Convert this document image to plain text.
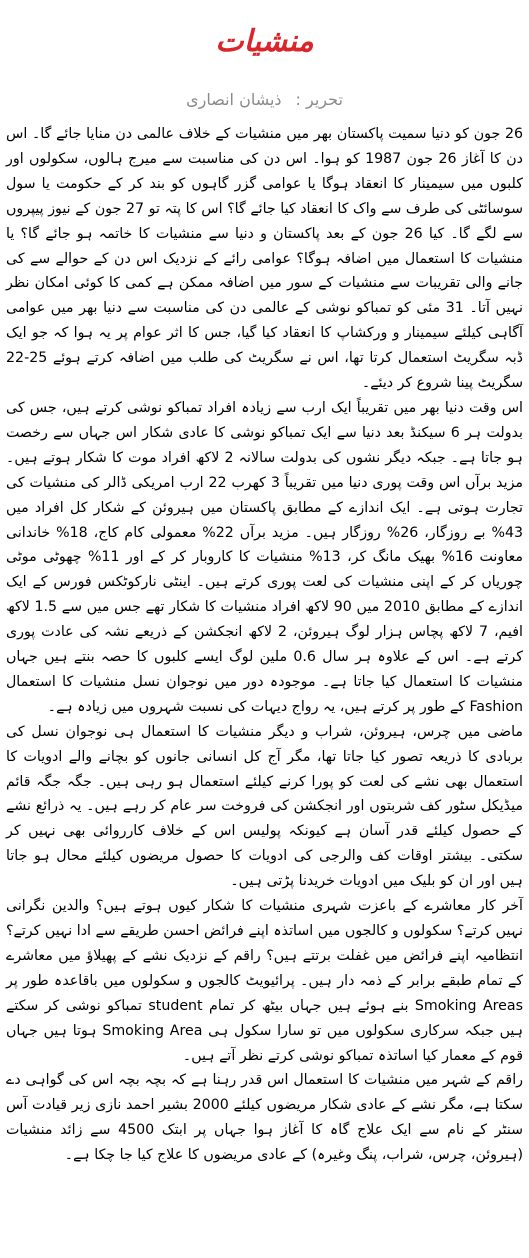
منشیات
تحریر :ذیشان انصاری

26 جون کو دنیا سمیت پاکستان بھر میں منشیات کے خلاف عالمی دن منایا جائے گا۔ اس دن کا آغاز 26 جون 1987 کو ہوا۔ اس دن کی مناسبت سے میرج ہالوں، سکولوں اور کلبوں میں سیمینار کا انعقاد ہوگا یا عوامی گزر گاہوں کو بند کر کے حکومت یا سول سوسائٹی کی طرف سے واک کا انعقاد کیا جائے گا؟ اس کا پتہ تو 27 جون کے نیوز پیپروں سے لگے گا۔ کیا 26 جون کے بعد پاکستان و دنیا سے منشیات کا خاتمہ ہو جائے گا؟ یا منشیات کا استعمال میں اضافہ ہوگا؟ عوامی رائے کے نزدیک اس دن کے حوالے سے کی جانے والی تقریبات سے منشیات کے سور میں اضافہ ممکن ہے کمی کا کوئی امکان نظر نہیں آتا۔ 31 مئی کو تمباکو نوشی کے عالمی دن کی مناسبت سے دنیا بھر میں عوامی آگاہی کیلئے سیمینار و ورکشاپ کا انعقاد کیا گیا، جس کا اثر عوام پر یہ ہوا کہ جو ایک ڈبہ سگریٹ استعمال کرتا تھا، اس نے سگریٹ کی طلب میں اضافہ کرتے ہوئے 25-22 سگریٹ پینا شروع کر دیئے۔

اس وقت دنیا بھر میں تقریباً ایک ارب سے زیادہ افراد تمباکو نوشی کرتے ہیں، جس کی بدولت ہر 6 سیکنڈ بعد دنیا سے ایک تمباکو نوشی کا عادی شکار اس جہاں سے رخصت ہو جاتا ہے۔ جبکہ دیگر نشوں کی بدولت سالانہ 2 لاکھ افراد موت کا شکار ہوتے ہیں۔ مزید برآں اس وقت پوری دنیا میں تقریباً 3 کھرب 22 ارب امریکی ڈالر کی منشیات کی تجارت ہوتی ہے۔ ایک اندازے کے مطابق پاکستان میں ہیروئن کے شکار کل افراد میں 43% بے روزگار، 26% روزگار ہیں۔ مزید برآں 22% معمولی کام کاج، 18% خاندانی معاونت 16% بھیک مانگ کر، 13% منشیات کا کاروبار کر کے اور 11% چھوٹی موٹی چوریاں کر کے اپنی منشیات کی لعت پوری کرتے ہیں۔ اینٹی نارکوٹکس فورس کے ایک اندازے کے مطابق 2010 میں 90 لاکھ افراد منشیات کا شکار تھے جس میں سے 1.5 لاکھ افیم، 7 لاکھ پچاس ہزار لوگ ہیروئن، 2 لاکھ انجکشن کے ذریعے نشہ کی عادت پوری کرتے ہے۔ اس کے علاوہ ہر سال 0.6 ملین لوگ ایسے کلبوں کا حصہ بنتے ہیں جہاں منشیات کا استعمال کیا جاتا ہے۔ موجودہ دور میں نوجوان نسل منشیات کا استعمال Fashion کے طور پر کرتے ہیں، یہ رواج دیہات کی نسبت شہروں میں زیادہ ہے۔

ماضی میں چرس، ہیروئن، شراب و دیگر منشیات کا استعمال ہی نوجوان نسل کی بربادی کا ذریعہ تصور کیا جاتا تھا، مگر آج کل انسانی جانوں کو بچانے والے ادویات کا استعمال بھی نشے کی لعت کو پورا کرنے کیلئے استعمال ہو رہی ہیں۔ جگہ جگہ قائم میڈیکل سٹور کف شربتوں اور انجکشن کی فروخت سر عام کر رہے ہیں۔ یہ ذرائع نشے کے حصول کیلئے قدر آسان ہے کیونکہ پولیس اس کے خلاف کارروائی بھی نہیں کر سکتی۔ بیشتر اوقات کف والرجی کی ادویات کا حصول مریضوں کیلئے محال ہو جاتا ہیں اور ان کو بلیک میں ادویات خریدنا پڑتی ہیں۔

آخر کار معاشرے کے باعزت شہری منشیات کا شکار کیوں ہوتے ہیں؟ والدین نگرانی نہیں کرتے؟ سکولوں و کالجوں میں اساتذہ اپنے فرائض احسن طریقے سے ادا نہیں کرتے؟ انتظامیہ اپنے فرائض میں غفلت برتتے ہیں؟ راقم کے نزدیک نشے کے پھیلاؤ میں معاشرے کے تمام طبقے برابر کے ذمہ دار ہیں۔ پرائیویٹ کالجوں و سکولوں میں باقاعدہ طور پر Smoking Areas بنے ہوئے ہیں جہاں بیٹھ کر تمام student تمباکو نوشی کر سکتے ہیں جبکہ سرکاری سکولوں میں تو سارا سکول ہی Smoking Area ہوتا ہیں جہاں قوم کے معمار کیا اساتذہ تمباکو نوشی کرتے نظر آتے ہیں۔

راقم کے شہر میں منشیات کا استعمال اس قدر رہنا ہے کہ بچہ بچہ اس کی گواہی دے سکتا ہے، مگر نشے کے عادی شکار مریضوں کیلئے 2000 بشیر احمد نازی زیر قیادت آس سنٹر کے نام سے ایک علاج گاہ کا آغاز ہوا جہاں پر ابتک 4500 سے زائد منشیات (ہیروئن، چرس، شراب، پنگ وغیرہ) کے عادی مریضوں کا علاج کیا جا چکا ہے۔
